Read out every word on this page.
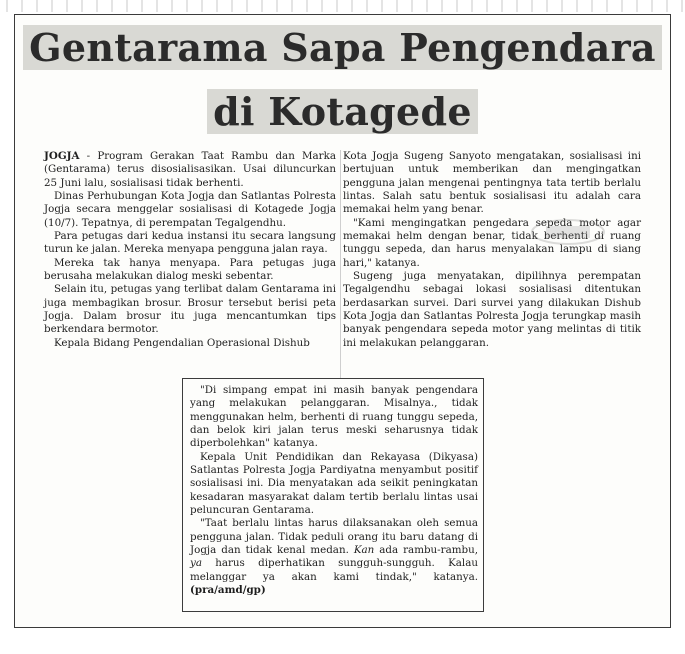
Gentarama Sapa Pengendara
di Kotagede

JOGJA - Program Gerakan Taat Rambu dan Marka (Gentarama) terus disosialisasikan. Usai diluncurkan 25 Juni lalu, sosialisasi tidak berhenti.

Dinas Perhubungan Kota Jogja dan Satlantas Polresta Jogja secara menggelar sosialisasi di Kotagede Jogja (10/7). Tepatnya, di perempatan Tegalgendhu.

Para petugas dari kedua instansi itu secara langsung turun ke jalan. Mereka menyapa pengguna jalan raya.

Mereka tak hanya menyapa. Para petugas juga berusaha melakukan dialog meski sebentar.

Selain itu, petugas yang terlibat dalam Gentarama ini juga membagikan brosur. Brosur tersebut berisi peta Jogja. Dalam brosur itu juga mencantumkan tips berkendara bermotor.

Kepala Bidang Pengendalian Operasional Dishub

Kota Jogja Sugeng Sanyoto mengatakan, sosialisasi ini bertujuan untuk memberikan dan mengingatkan pengguna jalan mengenai pentingnya tata tertib berlalu lintas. Salah satu bentuk sosialisasi itu adalah cara memakai helm yang benar.

"Kami mengingatkan pengedara sepeda motor agar memakai helm dengan benar, tidak berhenti di ruang tunggu sepeda, dan harus menyalakan lampu di siang hari," katanya.

Sugeng juga menyatakan, dipilihnya perempatan Tegalgendhu sebagai lokasi sosialisasi ditentukan berdasarkan survei. Dari survei yang dilakukan Dishub Kota Jogja dan Satlantas Polresta Jogja terungkap masih banyak pengendara sepeda motor yang melintas di titik ini melakukan pelanggaran.

"Di simpang empat ini masih banyak pengendara yang melakukan pelanggaran. Misalnya., tidak menggunakan helm, berhenti di ruang tunggu sepeda, dan belok kiri jalan terus meski seharusnya tidak diperbolehkan" katanya.

Kepala Unit Pendidikan dan Rekayasa (Dikyasa) Satlantas Polresta Jogja Pardiyatna menyambut positif sosialisasi ini. Dia menyatakan ada seikit peningkatan kesadaran masyarakat dalam tertib berlalu lintas usai peluncuran Gentarama.

"Taat berlalu lintas harus dilaksanakan oleh semua pengguna jalan. Tidak peduli orang itu baru datang di Jogja dan tidak kenal medan. Kan ada rambu-rambu, ya harus diperhatikan sungguh-sungguh. Kalau melanggar ya akan kami tindak," katanya. (pra/amd/gp)
